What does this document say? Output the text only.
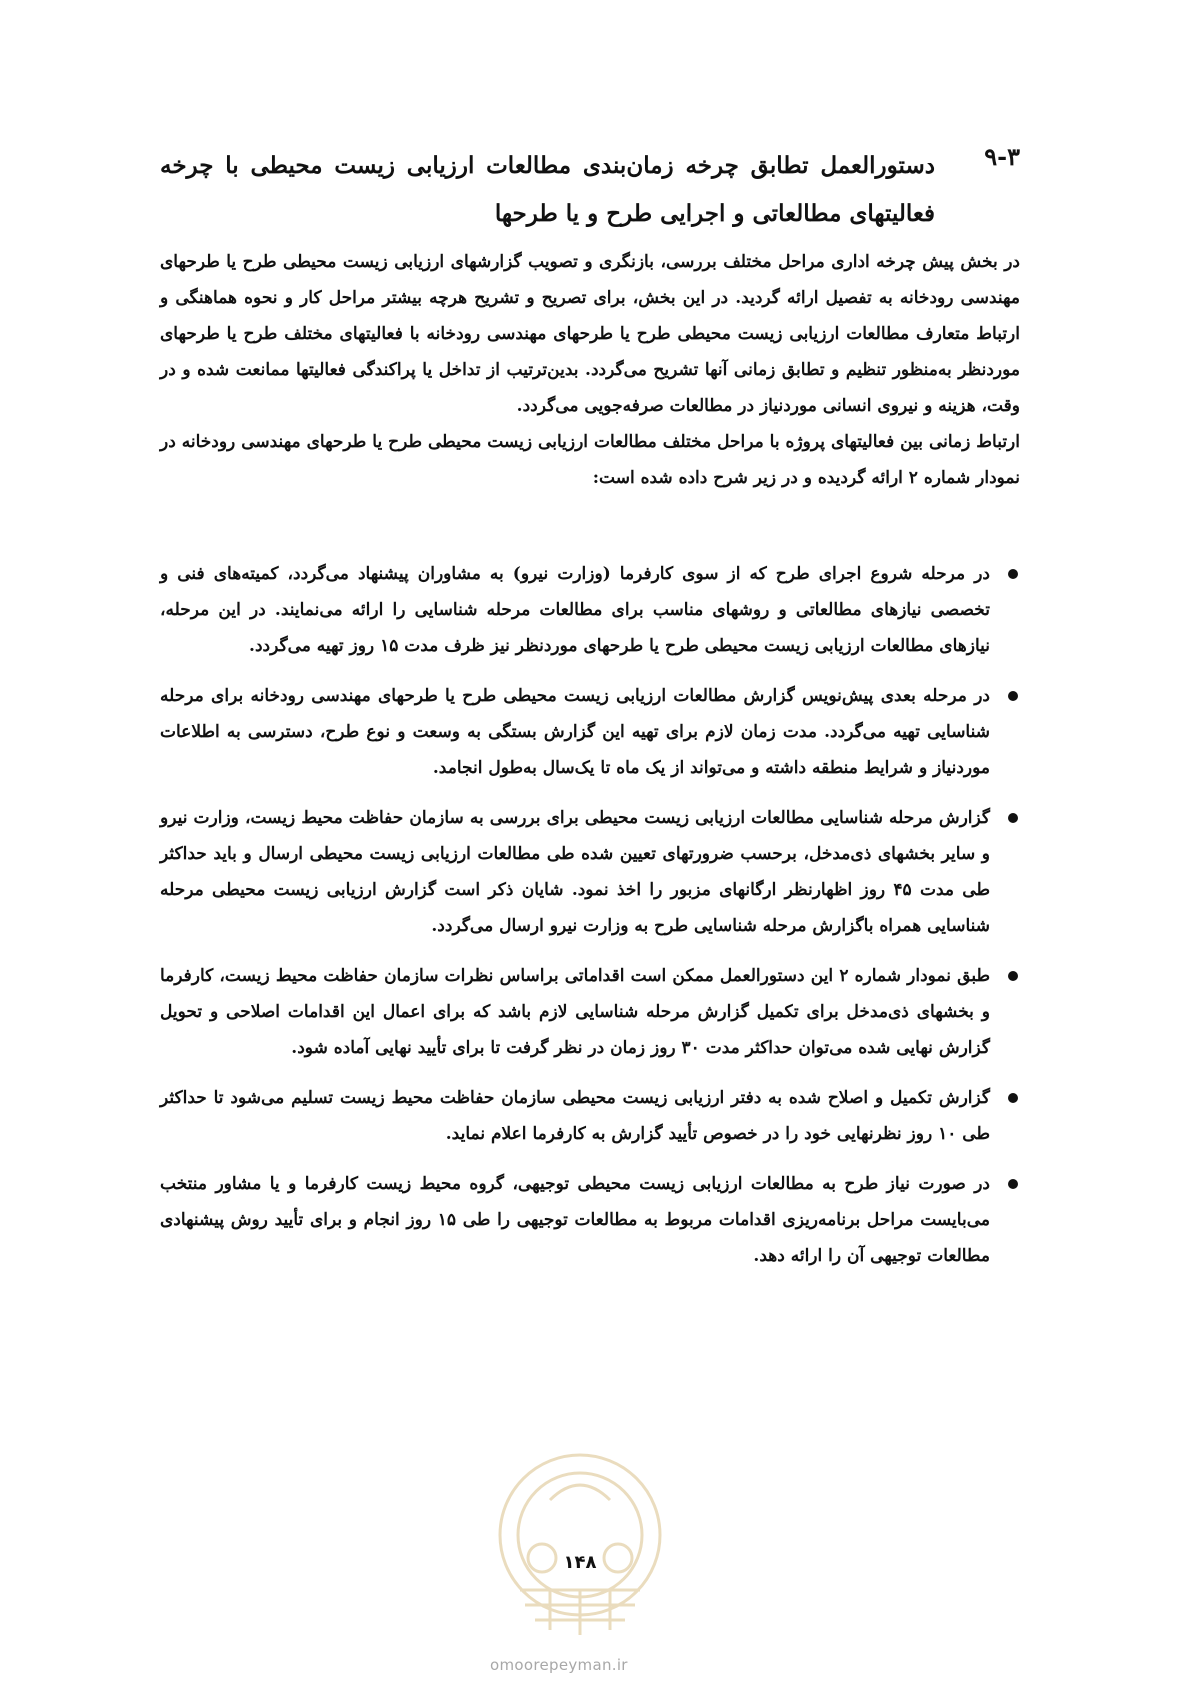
۹-۳
دستورالعمل تطابق چرخه زمان‌بندی مطالعات ارزیابی زیست محیطی با چرخه فعالیتهای مطالعاتی و اجرایی طرح و یا طرحها

در بخش پیش چرخه اداری مراحل مختلف بررسی، بازنگری و تصویب گزارشهای ارزیابی زیست محیطی طرح یا طرحهای مهندسی رودخانه به تفصیل ارائه گردید. در این بخش، برای تصریح و تشریح هرچه بیشتر مراحل کار و نحوه هماهنگی و ارتباط متعارف مطالعات ارزیابی زیست محیطی طرح یا طرحهای مهندسی رودخانه با فعالیتهای مختلف طرح یا طرحهای موردنظر به‌منظور تنظیم و تطابق زمانی آنها تشریح می‌گردد. بدین‌ترتیب از تداخل یا پراکندگی فعالیتها ممانعت شده و در وقت، هزینه و نیروی انسانی موردنیاز در مطالعات صرفه‌جویی می‌گردد.

ارتباط زمانی بین فعالیتهای پروژه با مراحل مختلف مطالعات ارزیابی زیست محیطی طرح یا طرحهای مهندسی رودخانه در نمودار شماره ۲ ارائه گردیده و در زیر شرح داده شده است:

در مرحله شروع اجرای طرح که از سوی کارفرما (وزارت نیرو) به مشاوران پیشنهاد می‌گردد، کمیته‌های فنی و تخصصی نیازهای مطالعاتی و روشهای مناسب برای مطالعات مرحله شناسایی را ارائه می‌نمایند. در این مرحله، نیازهای مطالعات ارزیابی زیست محیطی طرح یا طرحهای موردنظر نیز ظرف مدت ۱۵ روز تهیه می‌گردد.
در مرحله بعدی پیش‌نویس گزارش مطالعات ارزیابی زیست محیطی طرح یا طرحهای مهندسی رودخانه برای مرحله شناسایی تهیه می‌گردد. مدت زمان لازم برای تهیه این گزارش بستگی به وسعت و نوع طرح، دسترسی به اطلاعات موردنیاز و شرایط منطقه داشته و می‌تواند از یک ماه تا یک‌سال به‌طول انجامد.
گزارش مرحله شناسایی مطالعات ارزیابی زیست محیطی برای بررسی به سازمان حفاظت محیط زیست، وزارت نیرو و سایر بخشهای ذی‌مدخل، برحسب ضرورتهای تعیین شده طی مطالعات ارزیابی زیست محیطی ارسال و باید حداکثر طی مدت ۴۵ روز اظهارنظر ارگانهای مزبور را اخذ نمود. شایان ذکر است گزارش ارزیابی زیست محیطی مرحله شناسایی همراه باگزارش مرحله شناسایی طرح به وزارت نیرو ارسال می‌گردد.
طبق نمودار شماره ۲ این دستورالعمل ممکن است اقداماتی براساس نظرات سازمان حفاظت محیط زیست، کارفرما و بخشهای ذی‌مدخل برای تکمیل گزارش مرحله شناسایی لازم باشد که برای اعمال این اقدامات اصلاحی و تحویل گزارش نهایی شده می‌توان حداکثر مدت ۳۰ روز زمان در نظر گرفت تا برای تأیید نهایی آماده شود.
گزارش تکمیل و اصلاح شده به دفتر ارزیابی زیست محیطی سازمان حفاظت محیط زیست تسلیم می‌شود تا حداکثر طی ۱۰ روز نظرنهایی خود را در خصوص تأیید گزارش به کارفرما اعلام نماید.
در صورت نیاز طرح به مطالعات ارزیابی زیست محیطی توجیهی، گروه محیط زیست کارفرما و یا مشاور منتخب می‌بایست مراحل برنامه‌ریزی اقدامات مربوط به مطالعات توجیهی را طی ۱۵ روز انجام و برای تأیید روش پیشنهادی مطالعات توجیهی آن را ارائه دهد.
۱۴۸
omoorepeyman.ir
